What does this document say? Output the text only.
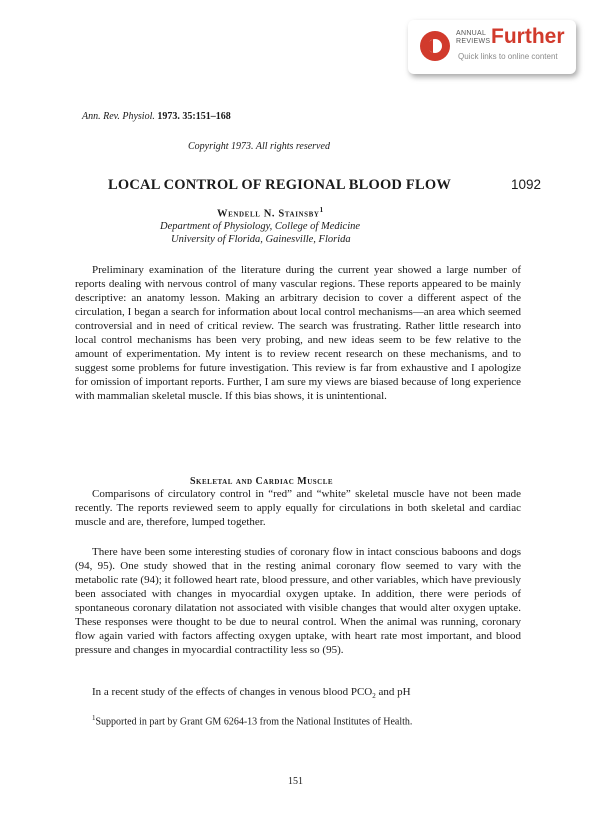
ANNUAL
REVIEWS Further
Quick links to online content
Ann. Rev. Physiol. 1973. 35:151–168
Copyright 1973. All rights reserved
LOCAL CONTROL OF REGIONAL BLOOD FLOW	1092
Wendell N. Stainsby$^1$
Department of Physiology, College of Medicine
University of Florida, Gainesville, Florida
Preliminary examination of the literature during the current year showed a large number of reports dealing with nervous control of many vascular regions. These reports appeared to be mainly descriptive: an anatomy lesson. Making an arbitrary decision to cover a different aspect of the circulation, I began a search for information about local control mechanisms—an area which seemed controversial and in need of critical review. The search was frustrating. Rather little research into local control mechanisms has been very probing, and new ideas seem to be few relative to the amount of experimentation. My intent is to review recent research on these mechanisms, and to suggest some problems for future investigation. This review is far from exhaustive and I apologize for omission of important reports. Further, I am sure my views are biased because of long experience with mammalian skeletal muscle. If this bias shows, it is unintentional.
Skeletal and Cardiac Muscle
Comparisons of circulatory control in “red” and “white” skeletal muscle have not been made recently. The reports reviewed seem to apply equally for circulations in both skeletal and cardiac muscle and are, therefore, lumped together.
There have been some interesting studies of coronary flow in intact conscious baboons and dogs (94, 95). One study showed that in the resting animal coronary flow seemed to vary with the metabolic rate (94); it followed heart rate, blood pressure, and other variables, which have previously been associated with changes in myocardial oxygen uptake. In addition, there were periods of spontaneous coronary dilatation not associated with visible changes that would alter oxygen uptake. These responses were thought to be due to neural control. When the animal was running, coronary flow again varied with factors affecting oxygen uptake, with heart rate most important, and blood pressure and changes in myocardial contractility less so (95).
In a recent study of the effects of changes in venous blood $PCO_2$ and pH
$^1$Supported in part by Grant GM 6264-13 from the National Institutes of Health.
151
